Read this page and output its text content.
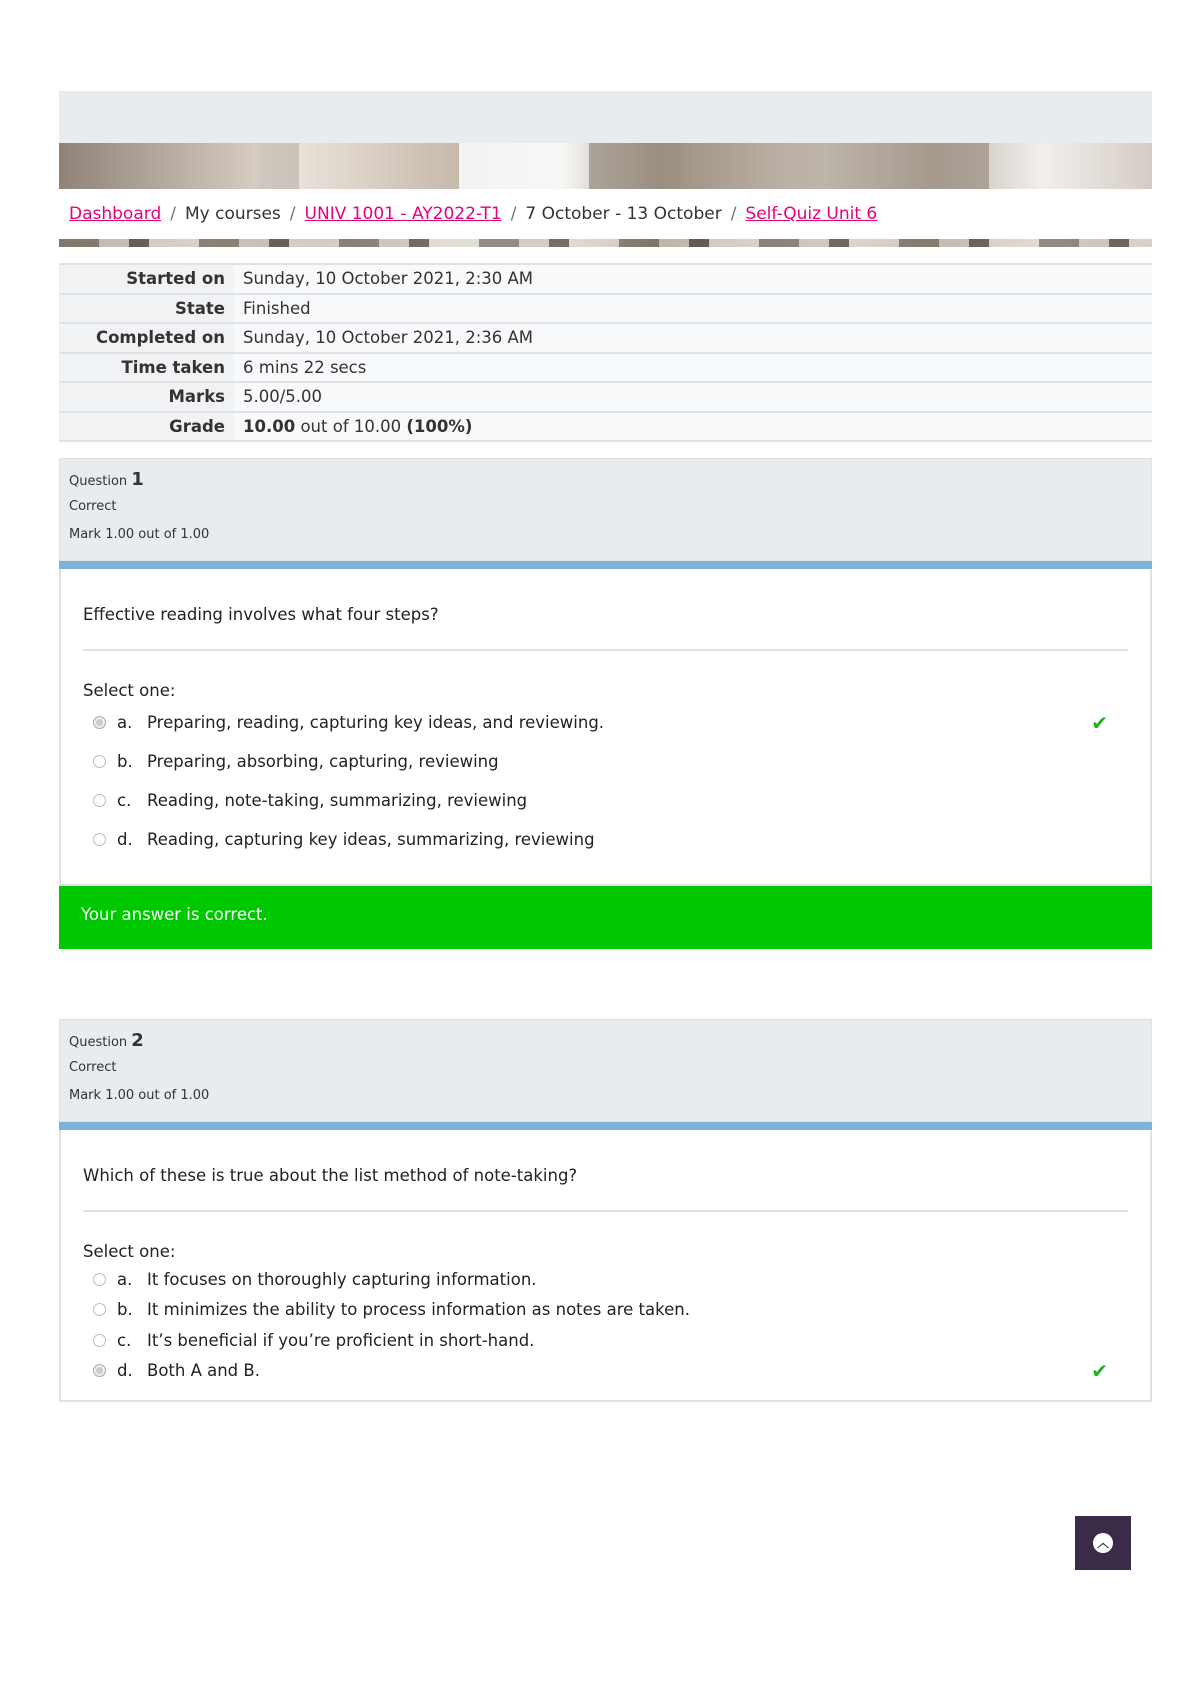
Dashboard / My courses / UNIV 1001 - AY2022-T1 / 7 October - 13 October / Self-Quiz Unit 6
Started on	Sunday, 10 October 2021, 2:30 AM
State	Finished
Completed on	Sunday, 10 October 2021, 2:36 AM
Time taken	6 mins 22 secs
Marks	5.00/5.00
Grade	10.00 out of 10.00 (100%)
Question 1
Correct
Mark 1.00 out of 1.00
Effective reading involves what four steps?
Select one:
a. Preparing, reading, capturing key ideas, and reviewing.	✔
b. Preparing, absorbing, capturing, reviewing
c. Reading, note-taking, summarizing, reviewing
d. Reading, capturing key ideas, summarizing, reviewing
Your answer is correct.
Question 2
Correct
Mark 1.00 out of 1.00
Which of these is true about the list method of note-taking?
Select one:
a. It focuses on thoroughly capturing information.
b. It minimizes the ability to process information as notes are taken.
c. It’s beneficial if you’re proficient in short-hand.
d. Both A and B.	✔
︿
